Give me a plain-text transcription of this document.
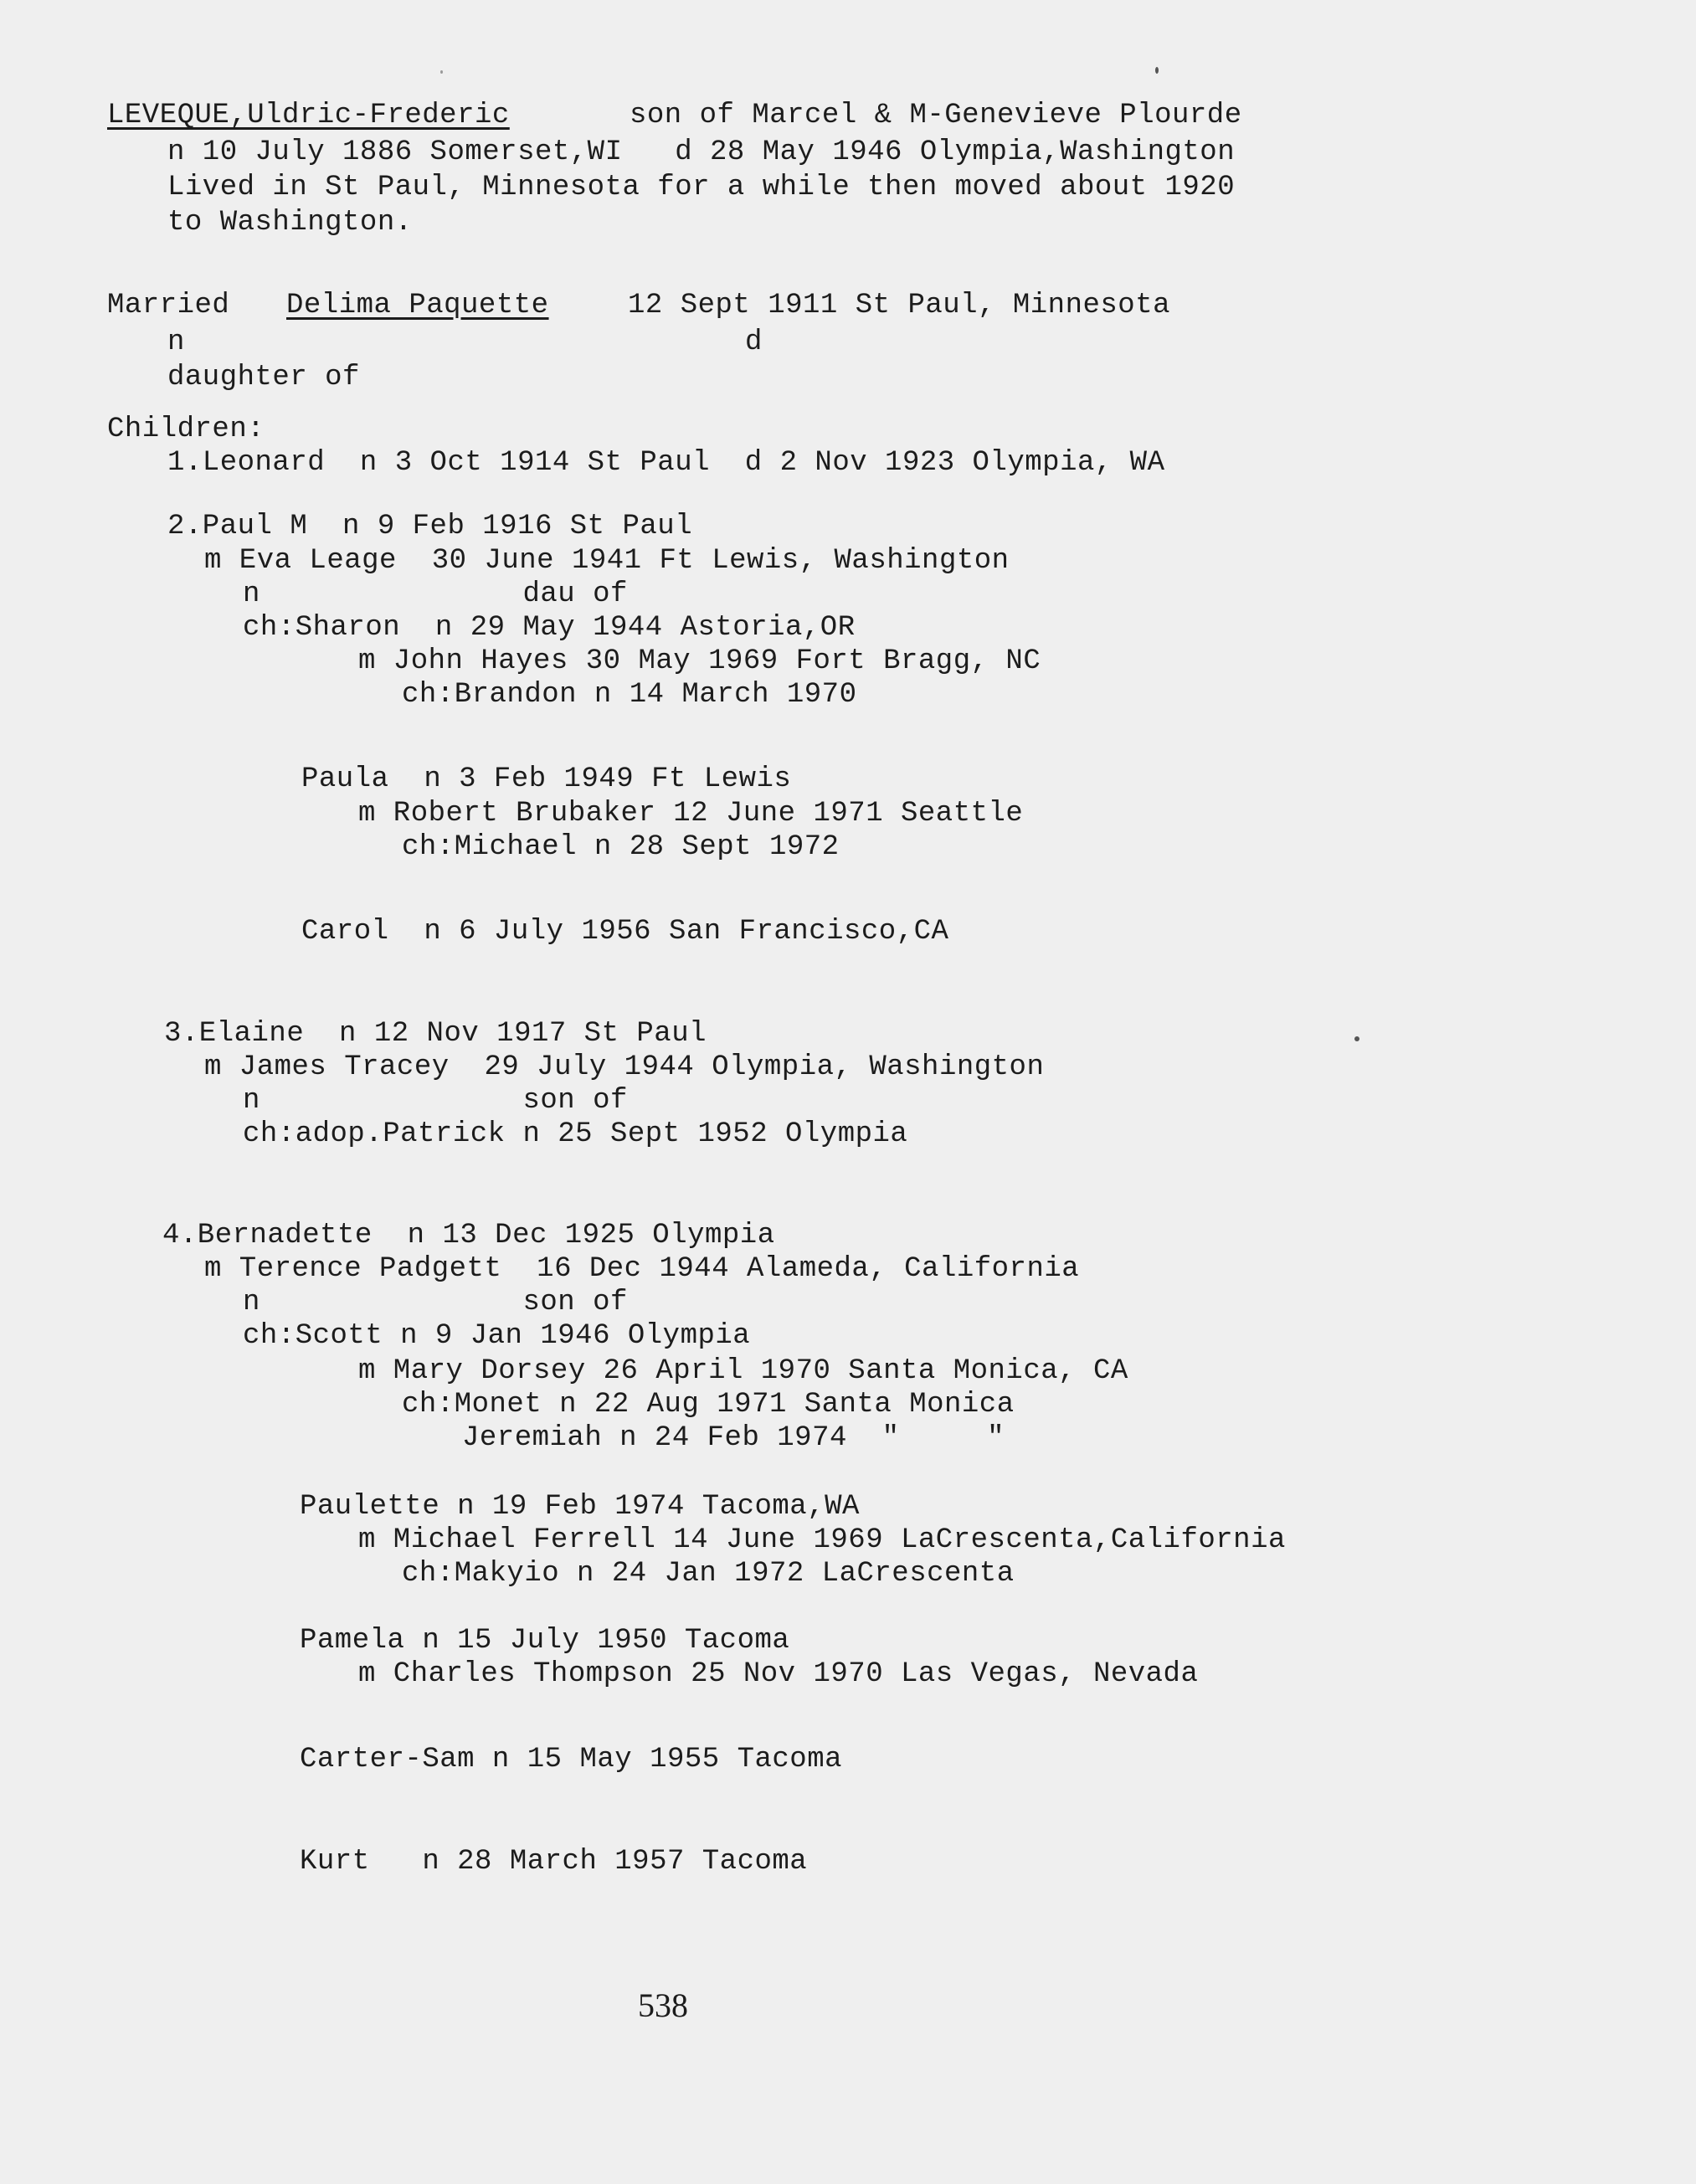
LEVEQUE,Uldric-Frederic	son of Marcel & M-Genevieve Plourde
n 10 July 1886 Somerset,WI   d 28 May 1946 Olympia,Washington
Lived in St Paul, Minnesota for a while then moved about 1920
to Washington.
Married Delima Paquette	12 Sept 1911 St Paul, Minnesota
n	d
daughter of
Children:
1.Leonard  n 3 Oct 1914 St Paul  d 2 Nov 1923 Olympia, WA
2.Paul M  n 9 Feb 1916 St Paul
m Eva Leage  30 June 1941 Ft Lewis, Washington
n               dau of
ch:Sharon  n 29 May 1944 Astoria,OR
m John Hayes 30 May 1969 Fort Bragg, NC
ch:Brandon n 14 March 1970
Paula  n 3 Feb 1949 Ft Lewis
m Robert Brubaker 12 June 1971 Seattle
ch:Michael n 28 Sept 1972
Carol  n 6 July 1956 San Francisco,CA
3.Elaine  n 12 Nov 1917 St Paul
m James Tracey  29 July 1944 Olympia, Washington
n               son of
ch:adop.Patrick n 25 Sept 1952 Olympia
4.Bernadette  n 13 Dec 1925 Olympia
m Terence Padgett  16 Dec 1944 Alameda, California
n               son of
ch:Scott n 9 Jan 1946 Olympia
m Mary Dorsey 26 April 1970 Santa Monica, CA
ch:Monet n 22 Aug 1971 Santa Monica
Jeremiah n 24 Feb 1974  "     "
Paulette n 19 Feb 1974 Tacoma,WA
m Michael Ferrell 14 June 1969 LaCrescenta,California
ch:Makyio n 24 Jan 1972 LaCrescenta
Pamela n 15 July 1950 Tacoma
m Charles Thompson 25 Nov 1970 Las Vegas, Nevada
Carter-Sam n 15 May 1955 Tacoma
Kurt   n 28 March 1957 Tacoma
538
